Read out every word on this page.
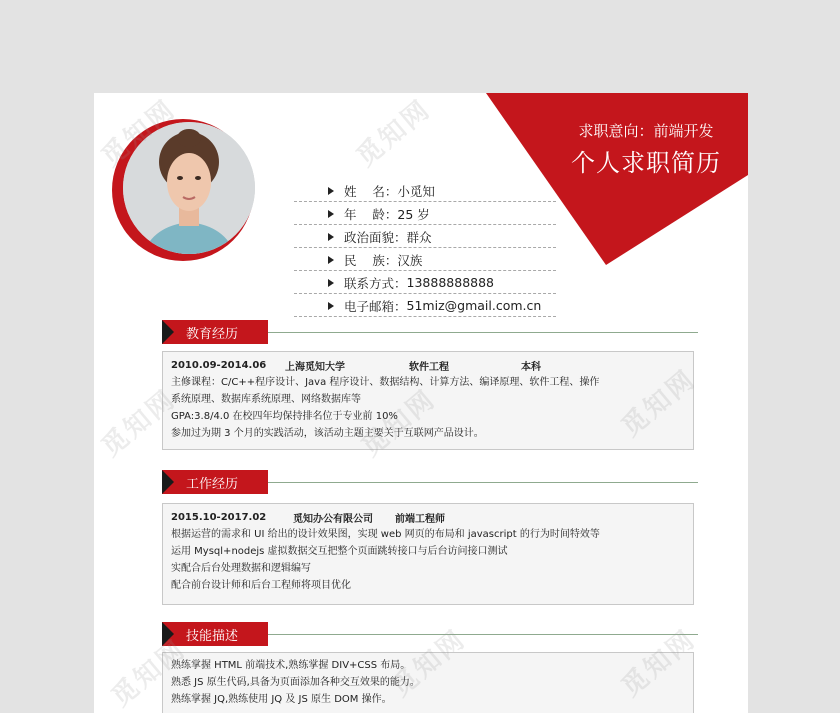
求职意向：前端开发
个人求职简历
姓    名 ： 小觅知
年    龄 ： 25 岁
政治面貌 ： 群众
民    族 ： 汉族
联系方式 ： 13888888888
电子邮箱 ： 51miz@gmail.com.cn
教育经历
2010.09-2014.06	上海觅知大学	软件工程	本科
主修课程：C/C++程序设计、Java 程序设计、数据结构、计算方法、编译原理、软件工程、操作
系统原理、数据库系统原理、网络数据库等
GPA:3.8/4.0 在校四年均保持排名位于专业前 10%
参加过为期 3 个月的实践活动，该活动主题主要关于互联网产品设计。
工作经历
2015.10-2017.02	觅知办公有限公司	前端工程师
根据运营的需求和 UI 给出的设计效果图，实现 web 网页的布局和 javascript 的行为时间特效等
运用 Mysql+nodejs 虚拟数据交互把整个页面跳转接口与后台访问接口测试
实配合后台处理数据和逻辑编写
配合前台设计师和后台工程师将项目优化
技能描述
熟练掌握 HTML 前端技术,熟练掌握 DIV+CSS 布局。
熟悉 JS 原生代码,具备为页面添加各种交互效果的能力。
熟练掌握 JQ,熟练使用 JQ 及 JS 原生 DOM 操作。
觅知网
觅知网
觅知网
